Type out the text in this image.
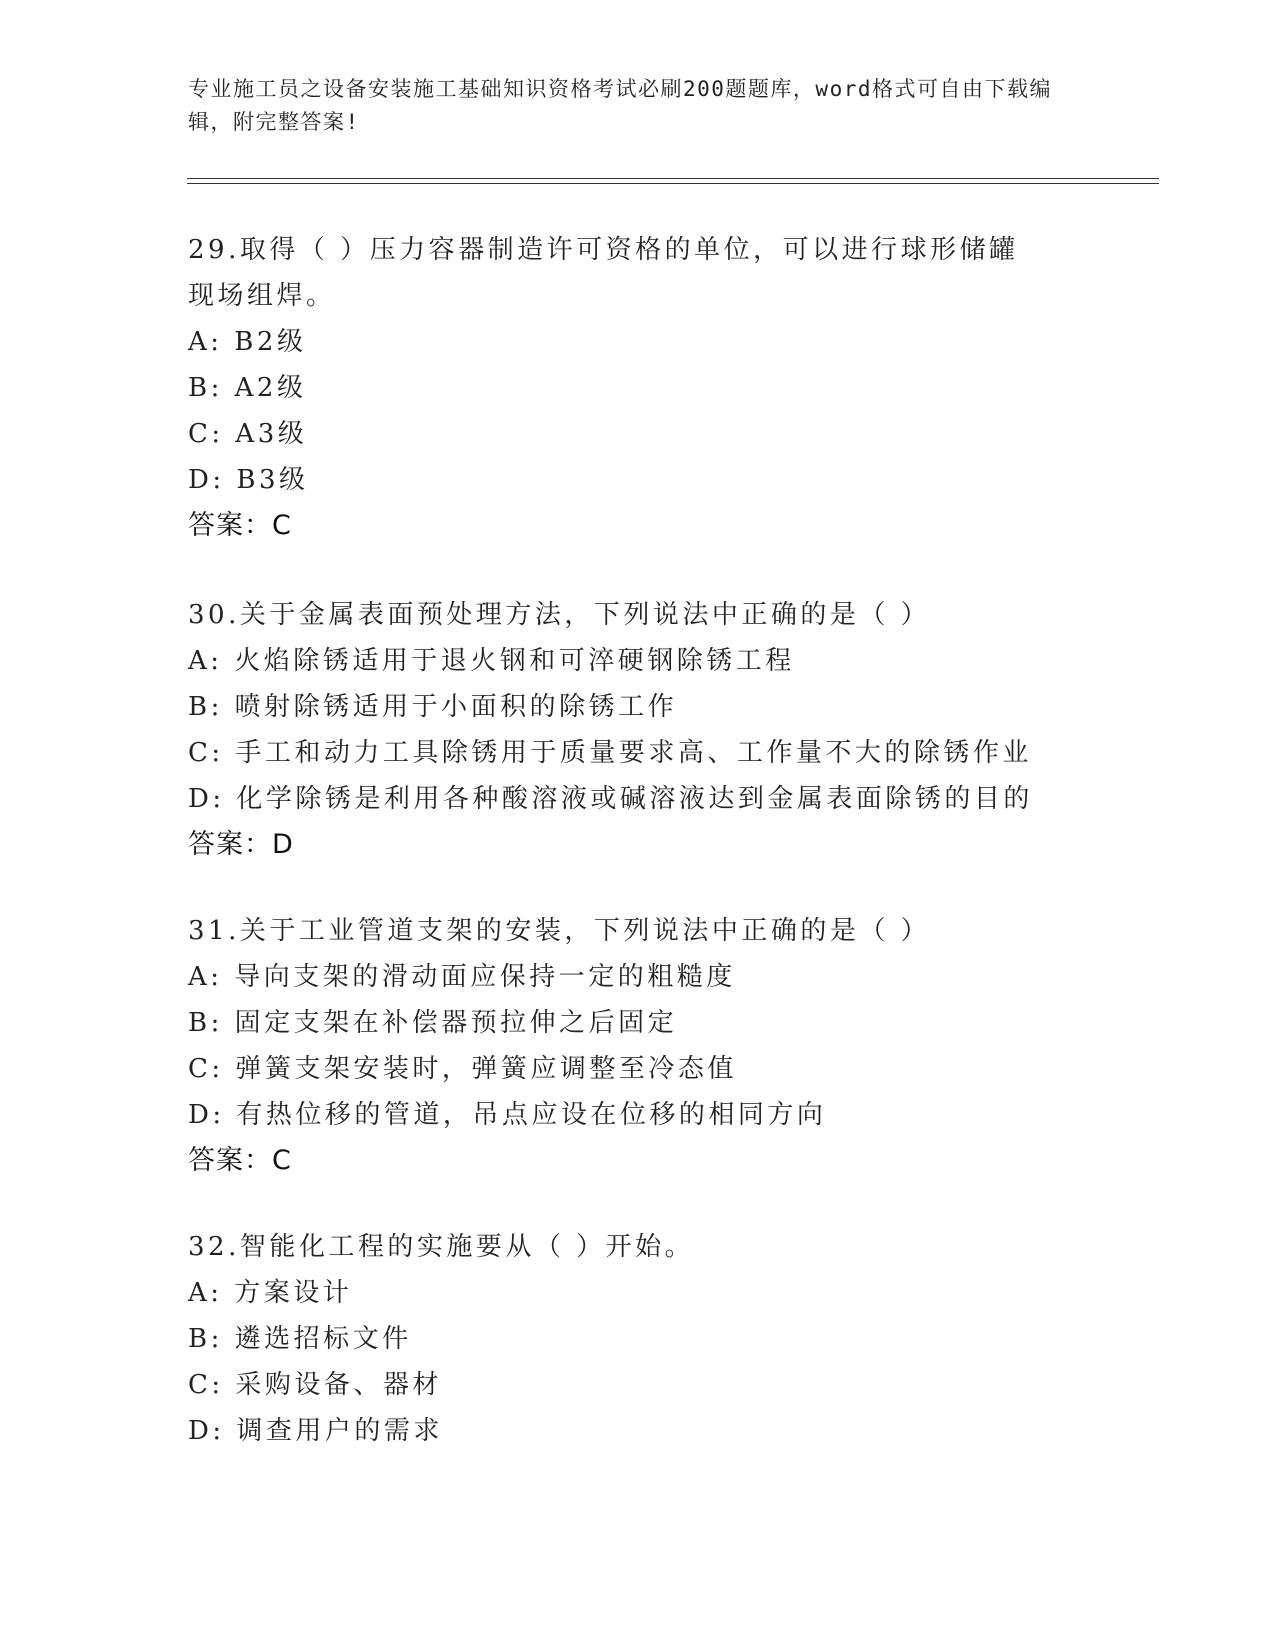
专业施工员之设备安装施工基础知识资格考试必刷200题题库，word格式可自由下载编辑，附完整答案!

29.取得（ ）压力容器制造许可资格的单位，可以进行球形储罐现场组焊。

A: B2级

B: A2级

C: A3级

D: B3级

答案：C

30.关于金属表面预处理方法，下列说法中正确的是（ ）

A: 火焰除锈适用于退火钢和可淬硬钢除锈工程

B: 喷射除锈适用于小面积的除锈工作

C: 手工和动力工具除锈用于质量要求高、工作量不大的除锈作业

D: 化学除锈是利用各种酸溶液或碱溶液达到金属表面除锈的目的

答案：D

31.关于工业管道支架的安装，下列说法中正确的是（ ）

A: 导向支架的滑动面应保持一定的粗糙度

B: 固定支架在补偿器预拉伸之后固定

C: 弹簧支架安装时，弹簧应调整至冷态值

D: 有热位移的管道，吊点应设在位移的相同方向

答案：C

32.智能化工程的实施要从（ ）开始。

A: 方案设计

B: 遴选招标文件

C: 采购设备、器材

D: 调查用户的需求
